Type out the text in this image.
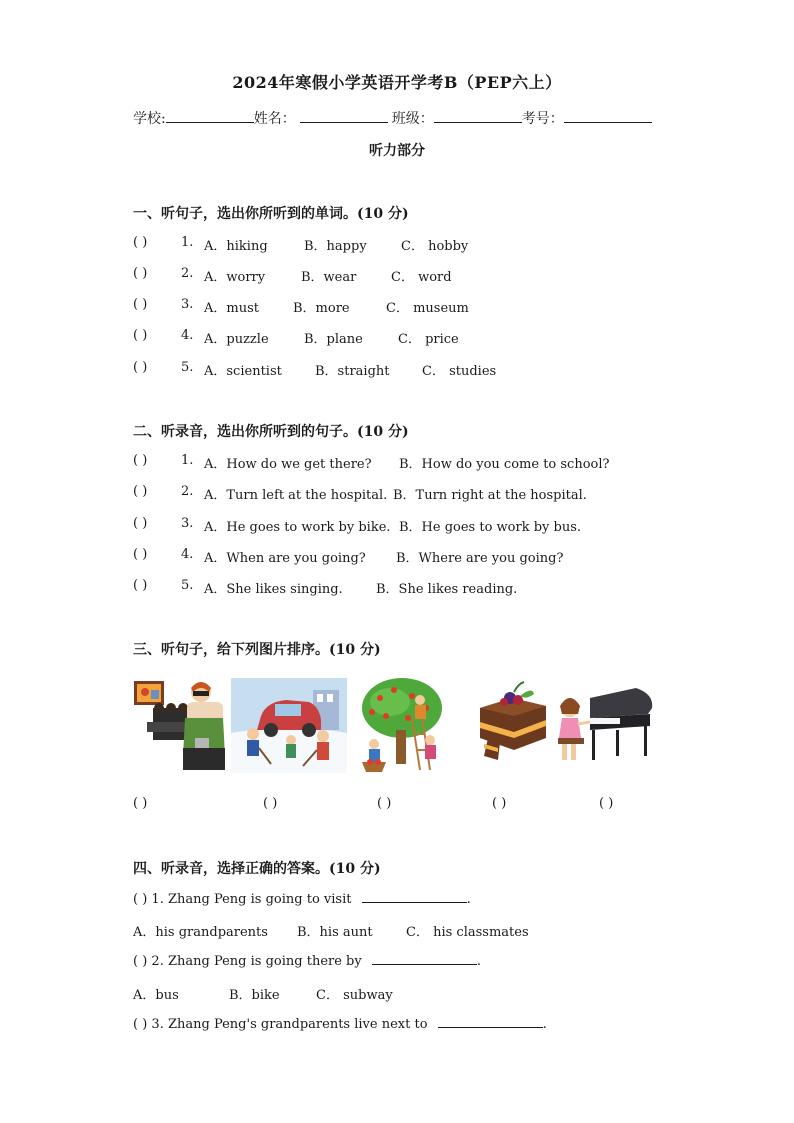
2024年寒假小学英语开学考B（PEP六上）
学校:	姓名：	班级：	考号：
听力部分
一、听句子，选出你所听到的单词。(10 分)
( )	1. A．hiking	B．happy	C． hobby
( )	2. A．worry	B．wear	C． word
( )	3. A．must	B．more	C． museum
( )	4. A．puzzle	B．plane	C． price
( )	5. A．scientist	B．straight	C． studies
二、听录音，选出你所听到的句子。(10 分)
( )	1. A．How do we get there? B．How do you come to school?
( )	2. A．Turn left at the hospital. B．Turn right at the hospital.
( )	3. A．He goes to work by bike. B．He goes to work by bus.
( )	4. A．When are you going? B．Where are you going?
( )	5. A．She likes singing.	B．She likes reading.
三、听句子，给下列图片排序。(10 分)
( )	( )	( )	( )	( )
四、听录音，选择正确的答案。(10 分)
( ) 1. Zhang Peng is going to visit	.
A．his grandparents B．his aunt	C． his classmates
( ) 2. Zhang Peng is going there by	.
A．bus	B．bike	C． subway
( ) 3. Zhang Peng's grandparents live next to	.
